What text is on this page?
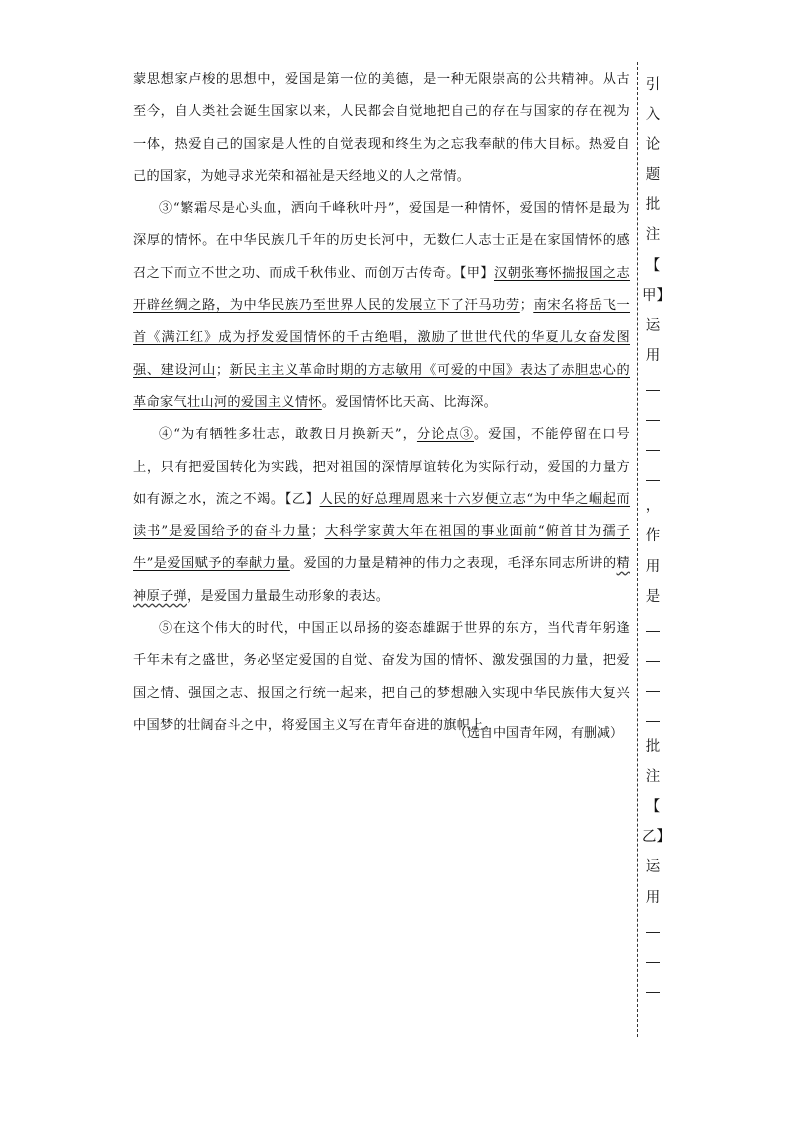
蒙思想家卢梭的思想中，爱国是第一位的美德，是一种无限崇高的公共精神。从古至今，自人类社会诞生国家以来，人民都会自觉地把自己的存在与国家的存在视为一体，热爱自己的国家是人性的自觉表现和终生为之忘我奉献的伟大目标。热爱自己的国家，为她寻求光荣和福祉是天经地义的人之常情。

③“繁霜尽是心头血，洒向千峰秋叶丹”，爱国是一种情怀，爱国的情怀是最为深厚的情怀。在中华民族几千年的历史长河中，无数仁人志士正是在家国情怀的感召之下而立不世之功、而成千秋伟业、而创万古传奇。【甲】汉朝张骞怀揣报国之志开辟丝绸之路，为中华民族乃至世界人民的发展立下了汗马功劳；南宋名将岳飞一首《满江红》成为抒发爱国情怀的千古绝唱，激励了世世代代的华夏儿女奋发图强、建设河山；新民主主义革命时期的方志敏用《可爱的中国》表达了赤胆忠心的革命家气壮山河的爱国主义情怀。爱国情怀比天高、比海深。

④“为有牺牲多壮志，敢教日月换新天”，分论点③。爱国，不能停留在口号上，只有把爱国转化为实践，把对祖国的深情厚谊转化为实际行动，爱国的力量方如有源之水，流之不竭。【乙】人民的好总理周恩来十六岁便立志“为中华之崛起而读书”是爱国给予的奋斗力量；大科学家黄大年在祖国的事业面前“俯首甘为孺子牛”是爱国赋予的奉献力量。爱国的力量是精神的伟力之表现，毛泽东同志所讲的精神原子弹，是爱国力量最生动形象的表达。

⑤在这个伟大的时代，中国正以昂扬的姿态雄踞于世界的东方，当代青年躬逢千年未有之盛世，务必坚定爱国的自觉、奋发为国的情怀、激发强国的力量，把爱国之情、强国之志、报国之行统一起来，把自己的梦想融入实现中华民族伟大复兴中国梦的壮阔奋斗之中，将爱国主义写在青年奋进的旗帜上。

（选自中国青年网，有删减）
引
入
论
题
批
注
【
甲】
运
用
，
作
用
是
批
注
【
乙】
运
用
